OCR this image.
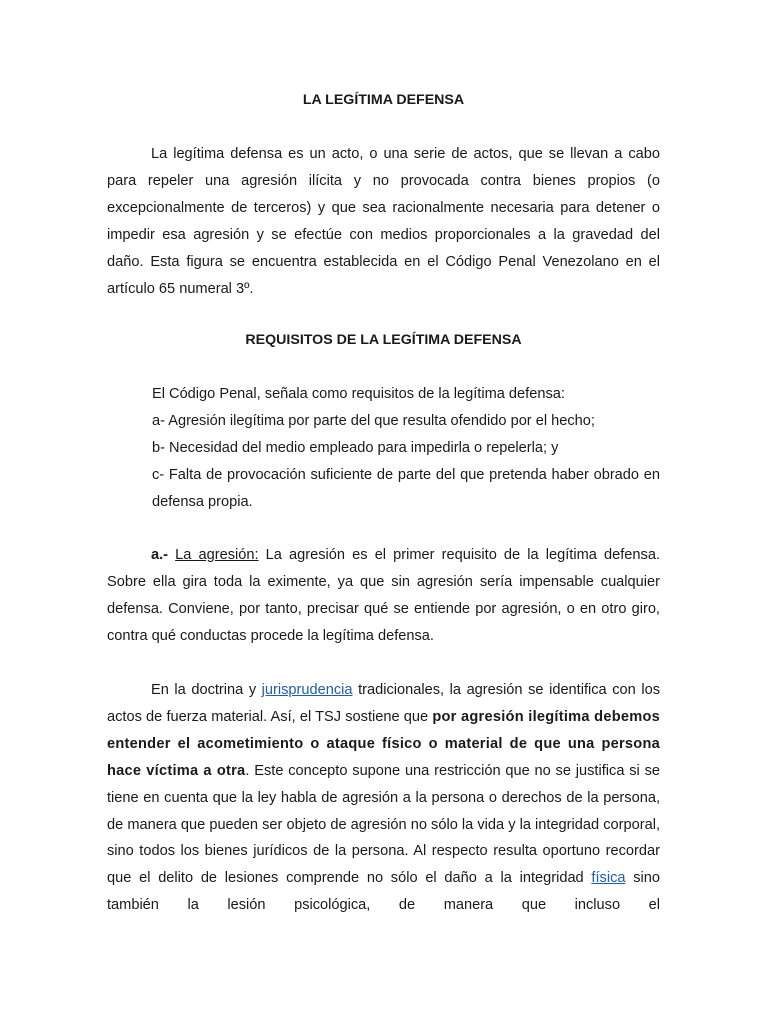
LA LEGÍTIMA DEFENSA

La legítima defensa es un acto, o una serie de actos, que se llevan a cabo para repeler una agresión ilícita y no provocada contra bienes propios (o excepcionalmente de terceros) y que sea racionalmente necesaria para detener o impedir esa agresión y se efectúe con medios proporcionales a la gravedad del daño. Esta figura se encuentra establecida en el Código Penal Venezolano en el artículo 65 numeral 3º.

REQUISITOS DE LA LEGÍTIMA DEFENSA

El Código Penal, señala como requisitos de la legítima defensa:

a- Agresión ilegítima por parte del que resulta ofendido por el hecho;

b- Necesidad del medio empleado para impedirla o repelerla; y

c- Falta de provocación suficiente de parte del que pretenda haber obrado en defensa propia.

a.- La agresión: La agresión es el primer requisito de la legítima defensa. Sobre ella gira toda la eximente, ya que sin agresión sería impensable cualquier defensa. Conviene, por tanto, precisar qué se entiende por agresión, o en otro giro, contra qué conductas procede la legítima defensa.

En la doctrina y jurisprudencia tradicionales, la agresión se identifica con los actos de fuerza material. Así, el TSJ sostiene que por agresión ilegítima debemos entender el acometimiento o ataque físico o material de que una persona hace víctima a otra. Este concepto supone una restricción que no se justifica si se tiene en cuenta que la ley habla de agresión a la persona o derechos de la persona, de manera que pueden ser objeto de agresión no sólo la vida y la integridad corporal, sino todos los bienes jurídicos de la persona. Al respecto resulta oportuno recordar que el delito de lesiones comprende no sólo el daño a la integridad física sino también la lesión psicológica, de manera que incluso el
